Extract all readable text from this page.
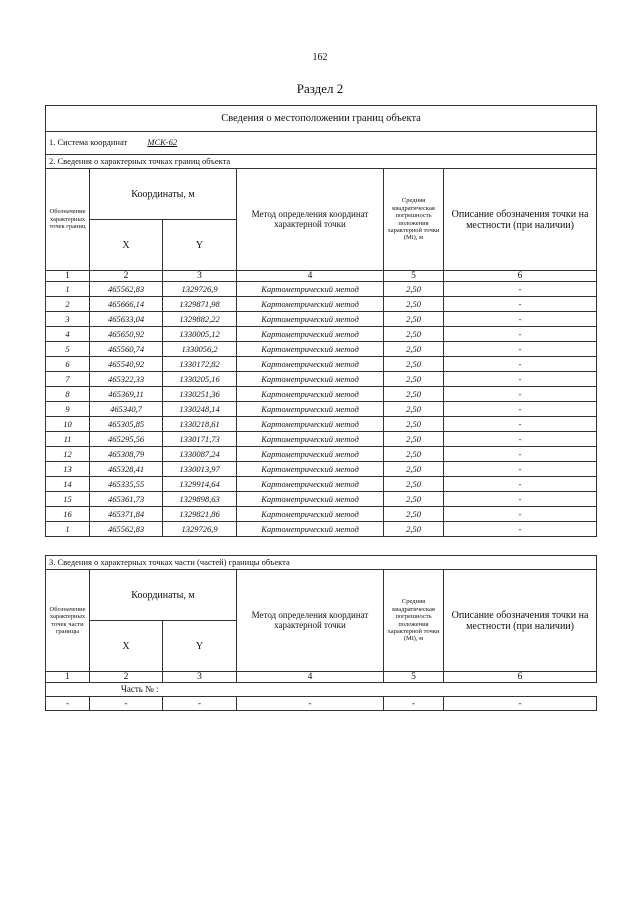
162
Раздел 2
Сведения о местоположении границ объекта					
1. Система координат МСК-62					
2. Сведения о характерных точках границ объекта					
Обозначение характерных точек границ	Координаты, м		Метод определения координат характерной точки	Средняя квадратическая погрешность положения характерной точки (Mt), м	Описание обозначения точки на местности (при наличии)
	X	Y			
1	2	3	4	5	6
1	465562,83	1329726,9	Картометрический метод	2,50	-
2	465666,14	1329871,98	Картометрический метод	2,50	-
3	465633,04	1329882,22	Картометрический метод	2,50	-
4	465650,92	1330005,12	Картометрический метод	2,50	-
5	465560,74	1330056,2	Картометрический метод	2,50	-
6	465540,92	1330172,82	Картометрический метод	2,50	-
7	465322,33	1330205,16	Картометрический метод	2,50	-
8	465369,11	1330251,36	Картометрический метод	2,50	-
9	465340,7	1330248,14	Картометрический метод	2,50	-
10	465305,85	1330218,61	Картометрический метод	2,50	-
11	465295,56	1330171,73	Картометрический метод	2,50	-
12	465308,79	1330087,24	Картометрический метод	2,50	-
13	465328,41	1330013,97	Картометрический метод	2,50	-
14	465335,55	1329914,64	Картометрический метод	2,50	-
15	465361,73	1329898,63	Картометрический метод	2,50	-
16	465371,84	1329821,86	Картометрический метод	2,50	-
1	465562,83	1329726,9	Картометрический метод	2,50	-
3. Сведения о характерных точках части (частей) границы объекта					
Обозначение характерных точек части границы	Координаты, м		Метод определения координат характерной точки	Средняя квадратическая погрешность положения характерной точки (Mt), м	Описание обозначения точки на местности (при наличии)
	X	Y			
1	2	3	4	5	6
Часть № :					
-	-	-	-	-	-
